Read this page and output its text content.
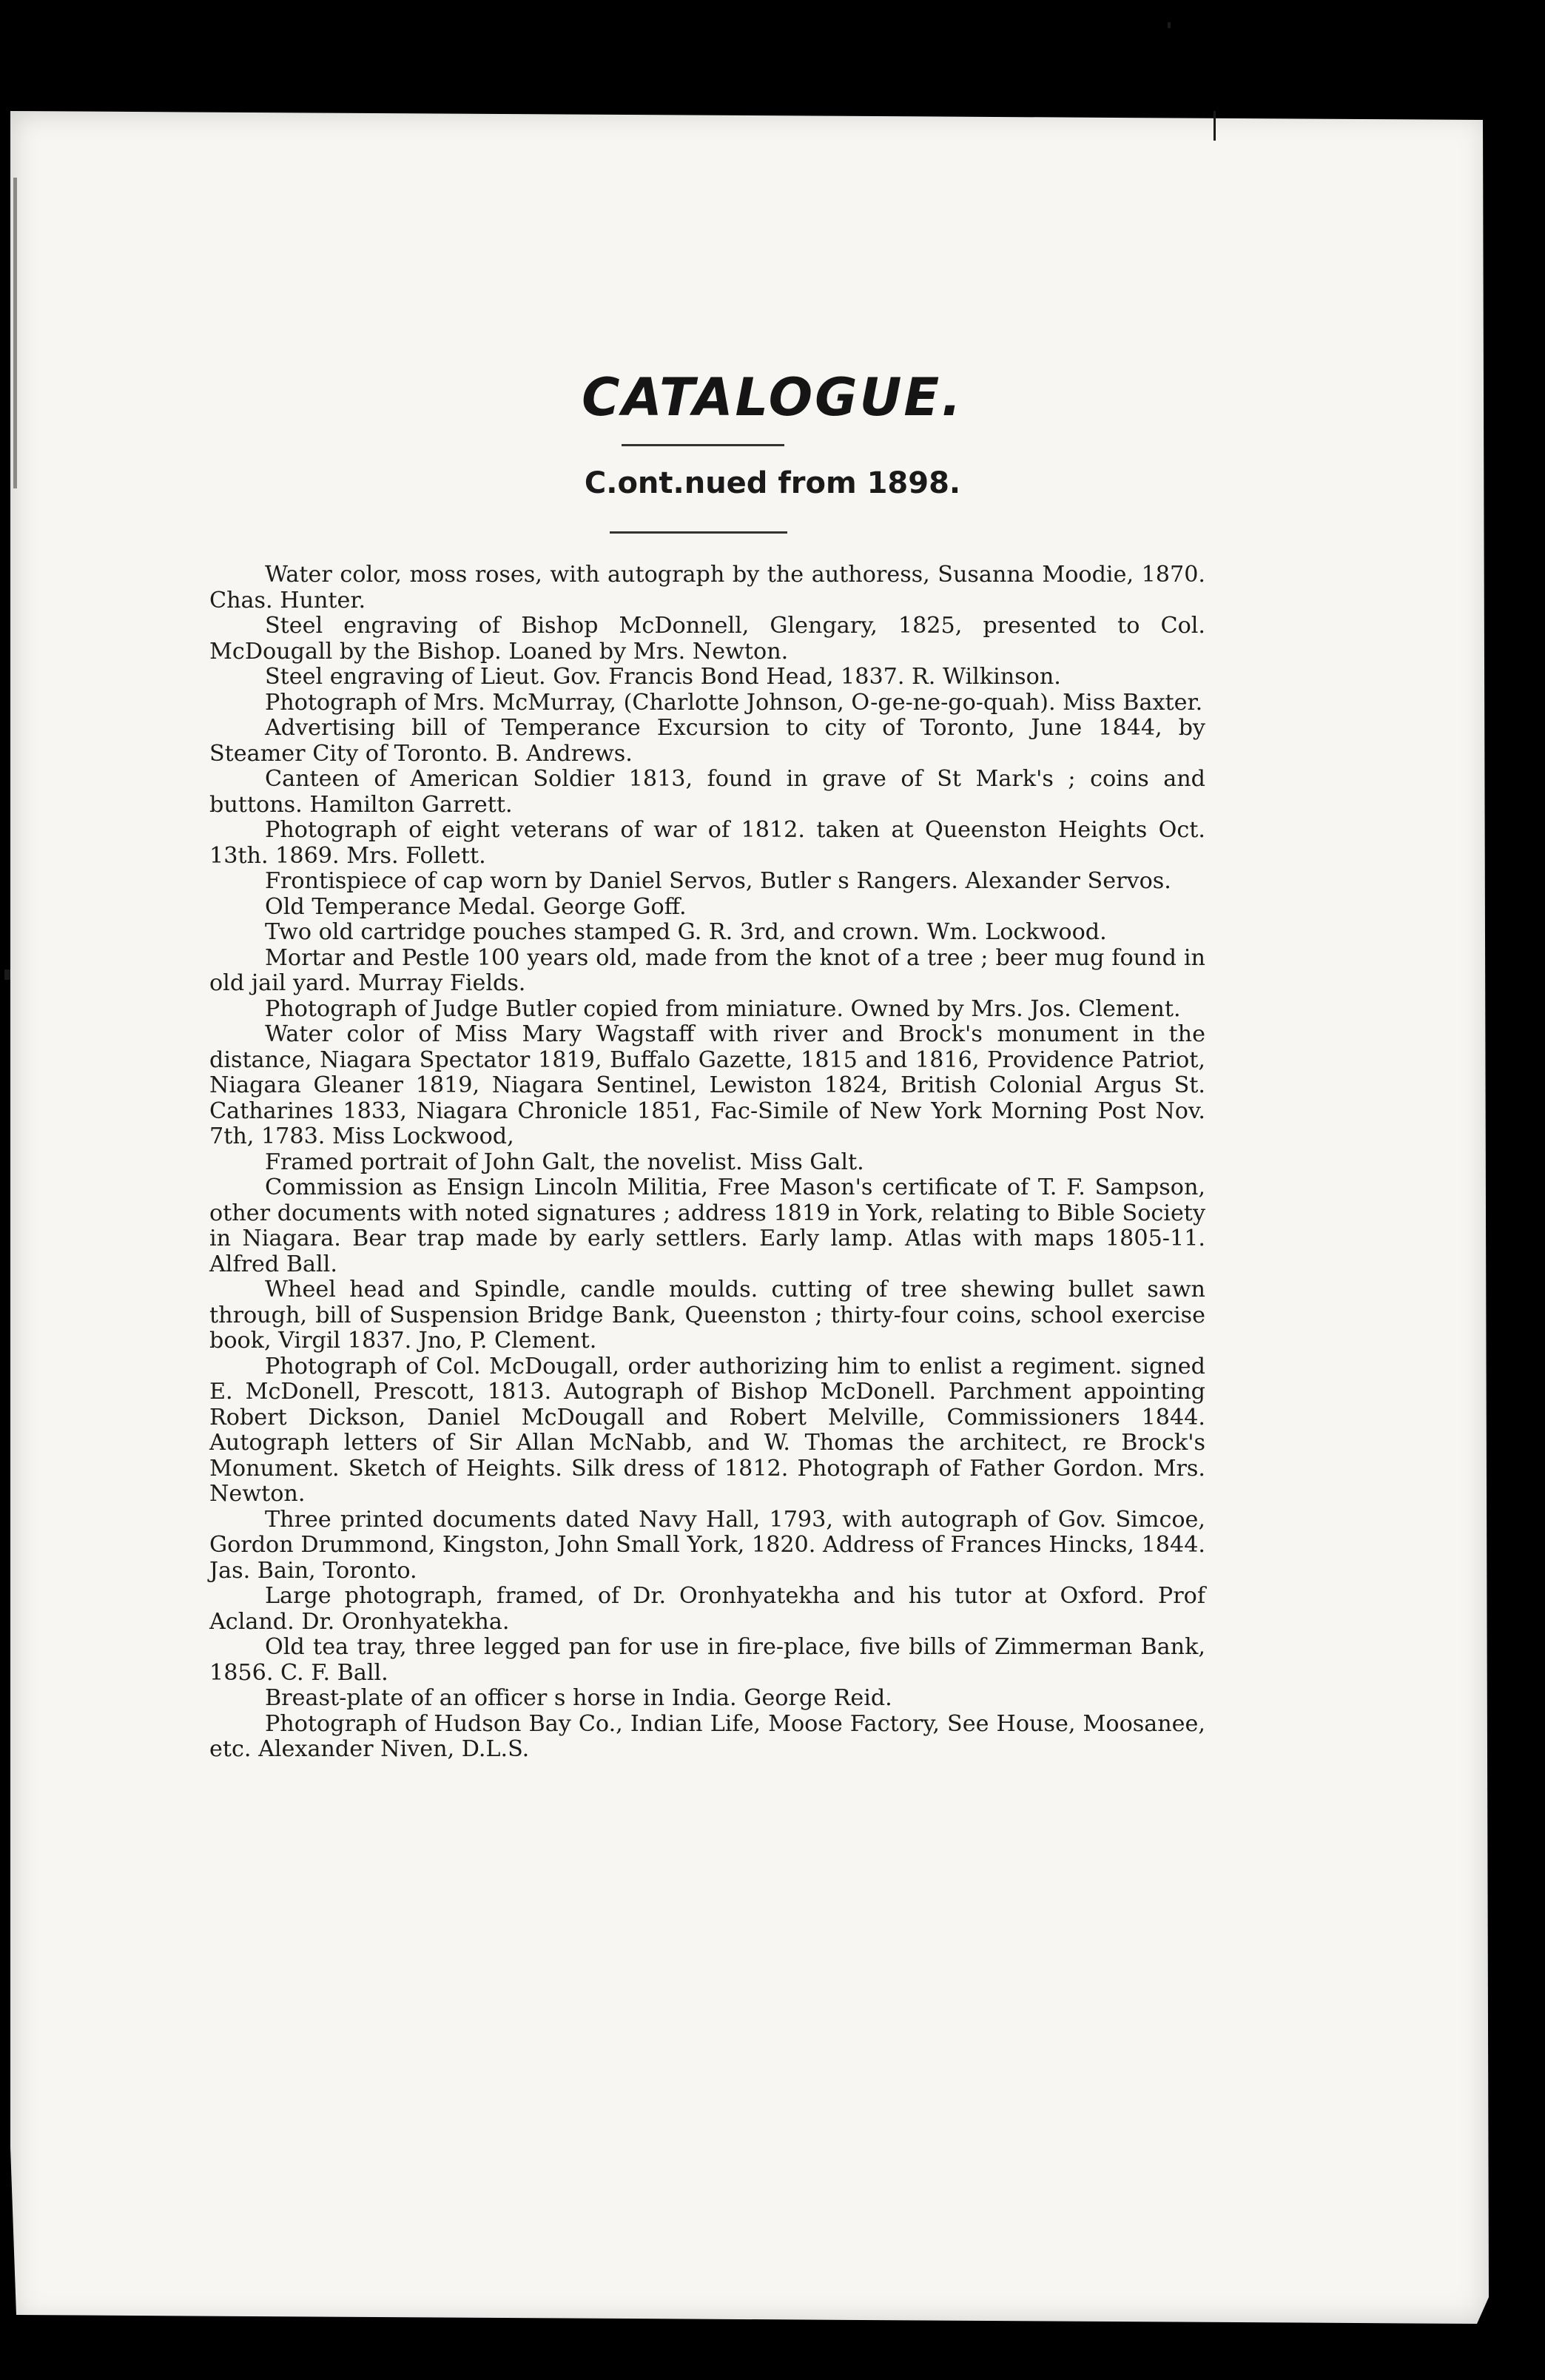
CATALOGUE.
C.ont.nued from 1898.

Water color, moss roses, with autograph by the authoress, Susanna Moodie, 1870. Chas. Hunter.

Steel engraving of Bishop McDonnell, Glengary, 1825, presented to Col. McDougall by the Bishop. Loaned by Mrs. Newton.

Steel engraving of Lieut. Gov. Francis Bond Head, 1837. R. Wilkinson.

Photograph of Mrs. McMurray, (Charlotte Johnson, O-ge-ne-go-quah). Miss Baxter.

Advertising bill of Temperance Excursion to city of Toronto, June 1844, by Steamer City of Toronto. B. Andrews.

Canteen of American Soldier 1813, found in grave of St Mark's ; coins and buttons. Hamilton Garrett.

Photograph of eight veterans of war of 1812. taken at Queenston Heights Oct. 13th. 1869. Mrs. Follett.

Frontispiece of cap worn by Daniel Servos, Butler s Rangers. Alexander Servos.

Old Temperance Medal. George Goff.

Two old cartridge pouches stamped G. R. 3rd, and crown. Wm. Lockwood.

Mortar and Pestle 100 years old, made from the knot of a tree ; beer mug found in old jail yard. Murray Fields.

Photograph of Judge Butler copied from miniature. Owned by Mrs. Jos. Clement.

Water color of Miss Mary Wagstaff with river and Brock's monument in the distance, Niagara Spectator 1819, Buffalo Gazette, 1815 and 1816, Providence Patriot, Niagara Gleaner 1819, Niagara Sentinel, Lewiston 1824, British Colonial Argus St. Catharines 1833, Niagara Chronicle 1851, Fac-Simile of New York Morning Post Nov. 7th, 1783. Miss Lockwood,

Framed portrait of John Galt, the novelist. Miss Galt.

Commission as Ensign Lincoln Militia, Free Mason's certificate of T. F. Sampson, other documents with noted signatures ; address 1819 in York, relating to Bible Society in Niagara. Bear trap made by early settlers. Early lamp. Atlas with maps 1805-11. Alfred Ball.

Wheel head and Spindle, candle moulds. cutting of tree shewing bullet sawn through, bill of Suspension Bridge Bank, Queenston ; thirty-four coins, school exercise book, Virgil 1837. Jno, P. Clement.

Photograph of Col. McDougall, order authorizing him to enlist a regiment. signed E. McDonell, Prescott, 1813. Autograph of Bishop McDonell. Parchment appointing Robert Dickson, Daniel McDougall and Robert Melville, Commissioners 1844. Autograph letters of Sir Allan McNabb, and W. Thomas the architect, re Brock's Monument. Sketch of Heights. Silk dress of 1812. Photograph of Father Gordon. Mrs. Newton.

Three printed documents dated Navy Hall, 1793, with autograph of Gov. Simcoe, Gordon Drummond, Kingston, John Small York, 1820. Address of Frances Hincks, 1844. Jas. Bain, Toronto.

Large photograph, framed, of Dr. Oronhyatekha and his tutor at Oxford. Prof Acland. Dr. Oronhyatekha.

Old tea tray, three legged pan for use in fire-place, five bills of Zimmerman Bank, 1856. C. F. Ball.

Breast-plate of an officer s horse in India. George Reid.

Photograph of Hudson Bay Co., Indian Life, Moose Factory, See House, Moosanee, etc. Alexander Niven, D.L.S.
